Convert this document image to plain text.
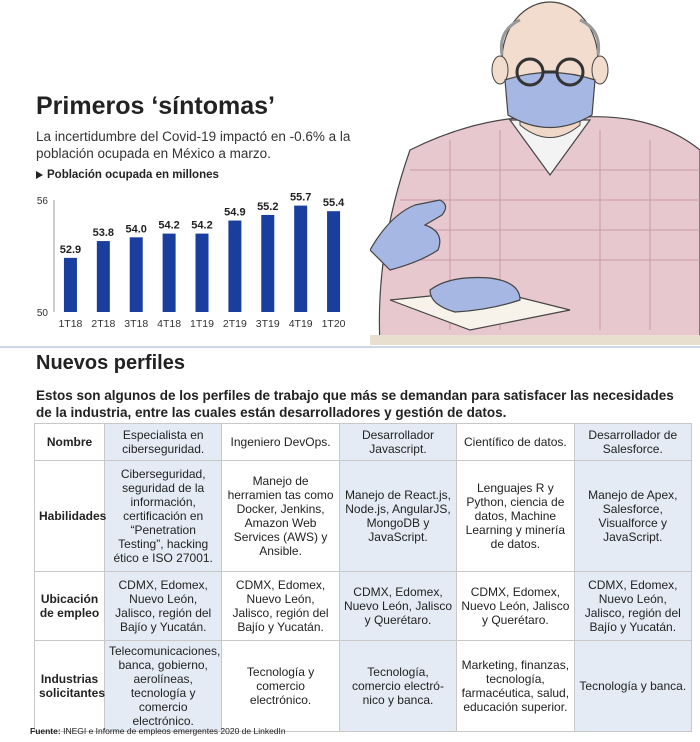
Primeros ‘síntomas’
La incertidumbre del Covid-19 impactó en -0.6% a la población ocupada en México a marzo.
Población ocupada en millones
56
50
52.9
1T18
53.8
2T18
54.0
3T18
54.2
4T18
54.2
1T19
54.9
2T19
55.2
3T19
55.7
4T19
55.4
1T20
Nuevos perfiles
Estos son algunos de los perfiles de trabajo que más se demandan para satisfacer las necesidades de la industria, entre las cuales están desarrolladores y gestión de datos.
Nombre	Especialista en ciberseguridad.	Ingeniero DevOps.	Desarrollador Javascript.	Científico de datos.	Desarrollador de Salesforce.
Habilidades	Ciberseguridad, seguridad de la información, certificación en “Penetration Testing”, hacking ético e ISO 27001.	Manejo de herramien tas como Docker, Jenkins, Amazon Web Services (AWS) y Ansible.	Manejo de React.js, Node.js, AngularJS, MongoDB y JavaScript.	Lenguajes R y Python, ciencia de datos, Machine Learning y minería de datos.	Manejo de Apex, Salesforce, Visualforce y JavaScript.
Ubicación de empleo	CDMX, Edomex, Nuevo León, Jalisco, región del Bajío y Yucatán.	CDMX, Edomex, Nuevo León, Jalisco, región del Bajío y Yucatán.	CDMX, Edomex, Nuevo León, Jalisco y Querétaro.	CDMX, Edomex, Nuevo León, Jalisco y Querétaro.	CDMX, Edomex, Nuevo León, Jalisco, región del Bajío y Yucatán.
Industrias solicitantes	Telecomunicaciones, banca, gobierno, aerolíneas, tecnología y comercio electrónico.	Tecnología y comercio electrónico.	Tecnología, comercio electró- nico y banca.	Marketing, finanzas, tecnología, farmacéutica, salud, educación superior.	Tecnología y banca.
Fuente: INEGI e Informe de empleos emergentes 2020 de LinkedIn
